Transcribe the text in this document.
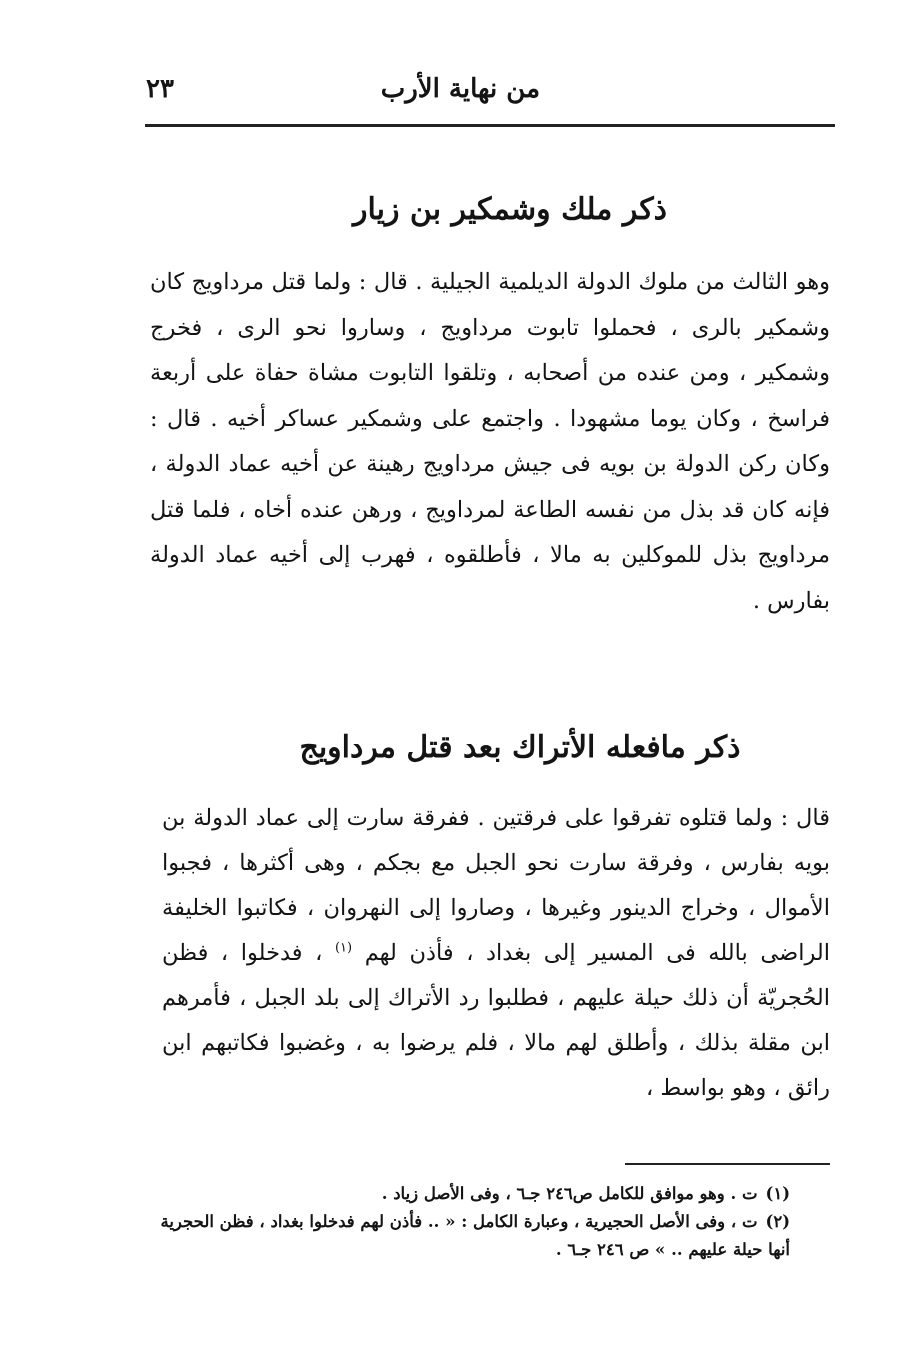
من نهاية الأرب
٢٣
ذكر ملك وشمكير بن زيار

وهو الثالث من ملوك الدولة الديلمية الجيلية . قال : ولما قتل مرداويج كان وشمكير بالرى ، فحملوا تابوت مرداويج ، وساروا نحو الرى ، فخرج وشمكير ، ومن عنده من أصحابه ، وتلقوا التابوت مشاة حفاة على أربعة فراسخ ، وكان يوما مشهودا . واجتمع على وشمكير عساكر أخيه . قال : وكان ركن الدولة بن بويه فى جيش مرداويج رهينة عن أخيه عماد الدولة ، فإنه كان قد بذل من نفسه الطاعة لمرداويج ، ورهن عنده أخاه ، فلما قتل مرداويج بذل للموكلين به مالا ، فأطلقوه ، فهرب إلى أخيه عماد الدولة بفارس .

ذكر مافعله الأتراك بعد قتل مرداويج

قال : ولما قتلوه تفرقوا على فرقتين . ففرقة سارت إلى عماد الدولة بن بويه بفارس ، وفرقة سارت نحو الجبل مع بجكم ، وهى أكثرها ، فجبوا الأموال ، وخراج الدينور وغيرها ، وصاروا إلى النهروان ، فكاتبوا الخليفة الراضى بالله فى المسير إلى بغداد ، فأذن لهم $^{(١)}$ ، فدخلوا ، فظن الحُجريّة أن ذلك حيلة عليهم ، فطلبوا رد الأتراك إلى بلد الجبل ، فأمرهم ابن مقلة بذلك ، وأطلق لهم مالا ، فلم يرضوا به ، وغضبوا فكاتبهم ابن رائق ، وهو بواسط ،

(١)ت . وهو موافق للكامل ص٢٤٦ جـ٦ ، وفى الأصل زياد .

(٢)ت ، وفى الأصل الحجيرية ، وعبارة الكامل : « .. فأذن لهم فدخلوا بغداد ، فظن الحجرية أنها حيلة عليهم .. » ص ٢٤٦ جـ٦ .
